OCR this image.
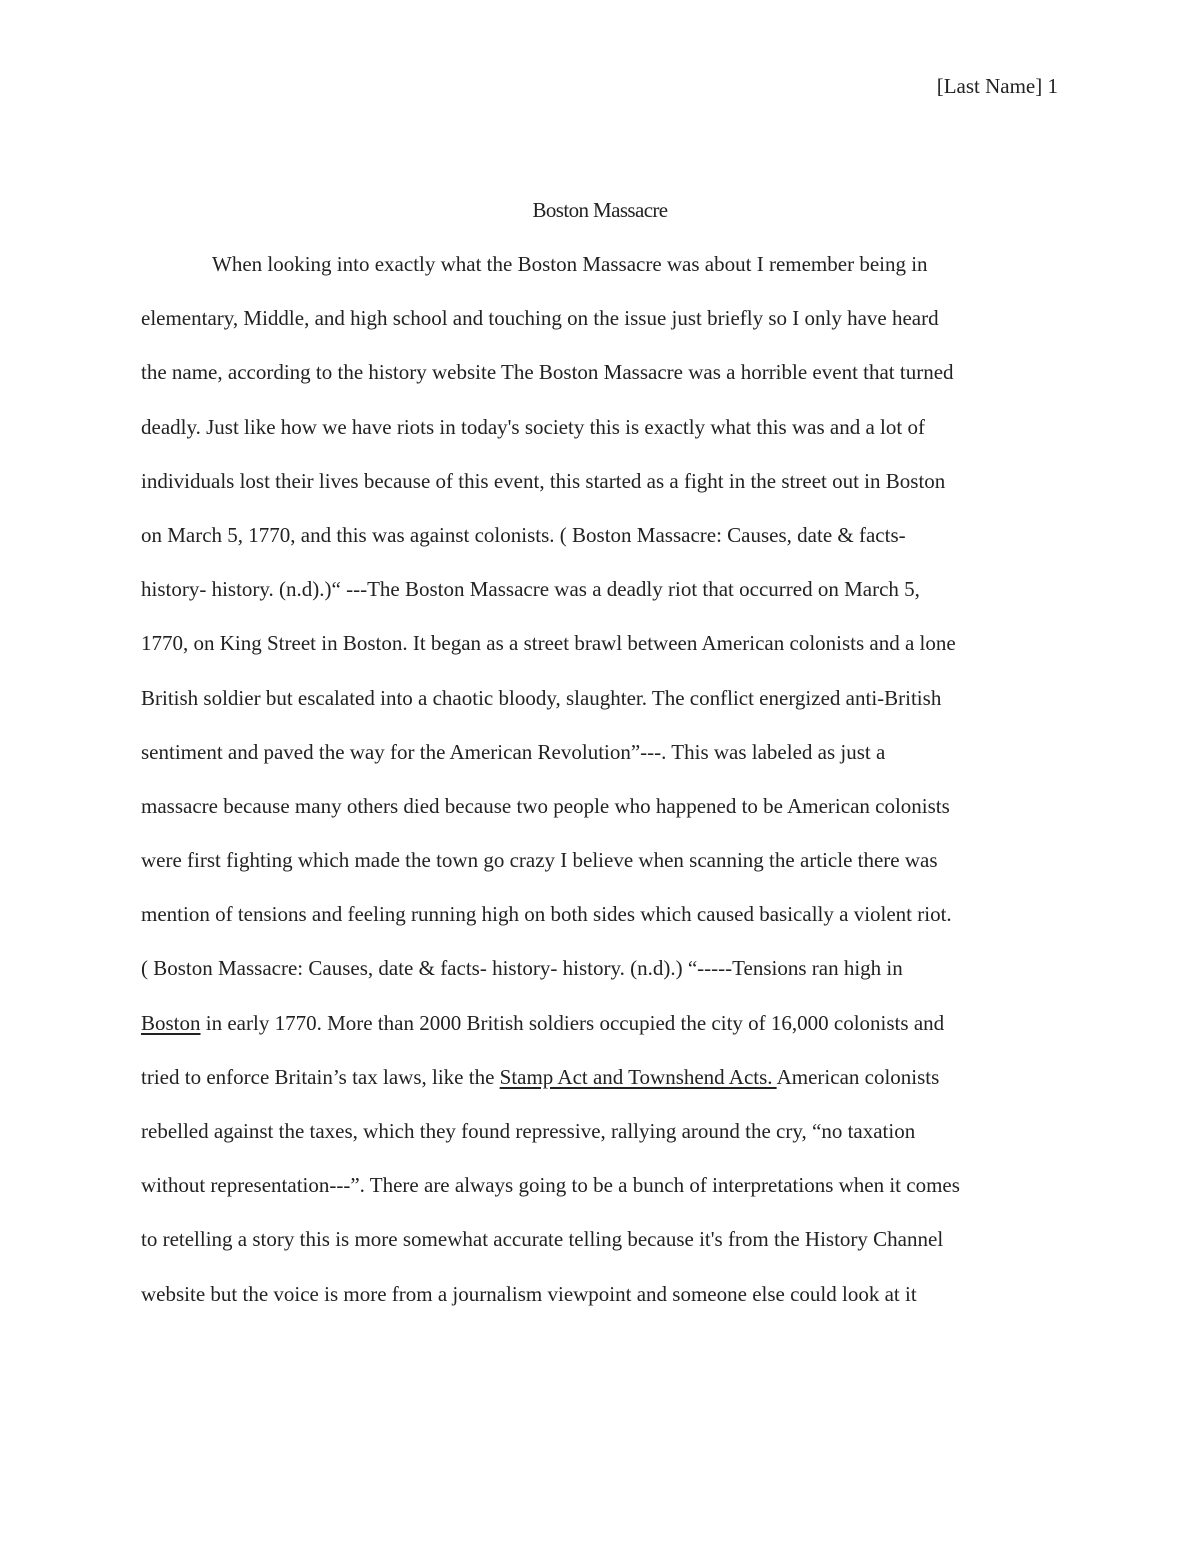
[Last Name] 1
Boston Massacre
When looking into exactly what the Boston Massacre was about I remember being in
elementary, Middle, and high school and touching on the issue just briefly so I only have heard
the name, according to the history website The Boston Massacre was a horrible event that turned
deadly. Just like how we have riots in today's society this is exactly what this was and a lot of
individuals lost their lives because of this event, this started as a fight in the street out in Boston
on March 5, 1770, and this was against colonists. ( Boston Massacre: Causes, date & facts-
history- history. (n.d).)“ ---The Boston Massacre was a deadly riot that occurred on March 5,
1770, on King Street in Boston. It began as a street brawl between American colonists and a lone
British soldier but escalated into a chaotic bloody, slaughter. The conflict energized anti-British
sentiment and paved the way for the American Revolution”---. This was labeled as just a
massacre because many others died because two people who happened to be American colonists
were first fighting which made the town go crazy I believe when scanning the article there was
mention of tensions and feeling running high on both sides which caused basically a violent riot.
( Boston Massacre: Causes, date & facts- history- history. (n.d).) “-----Tensions ran high in
Boston in early 1770. More than 2000 British soldiers occupied the city of 16,000 colonists and
tried to enforce Britain’s tax laws, like the Stamp Act and Townshend Acts. American colonists
rebelled against the taxes, which they found repressive, rallying around the cry, “no taxation
without representation---”. There are always going to be a bunch of interpretations when it comes
to retelling a story this is more somewhat accurate telling because it's from the History Channel
website but the voice is more from a journalism viewpoint and someone else could look at it
